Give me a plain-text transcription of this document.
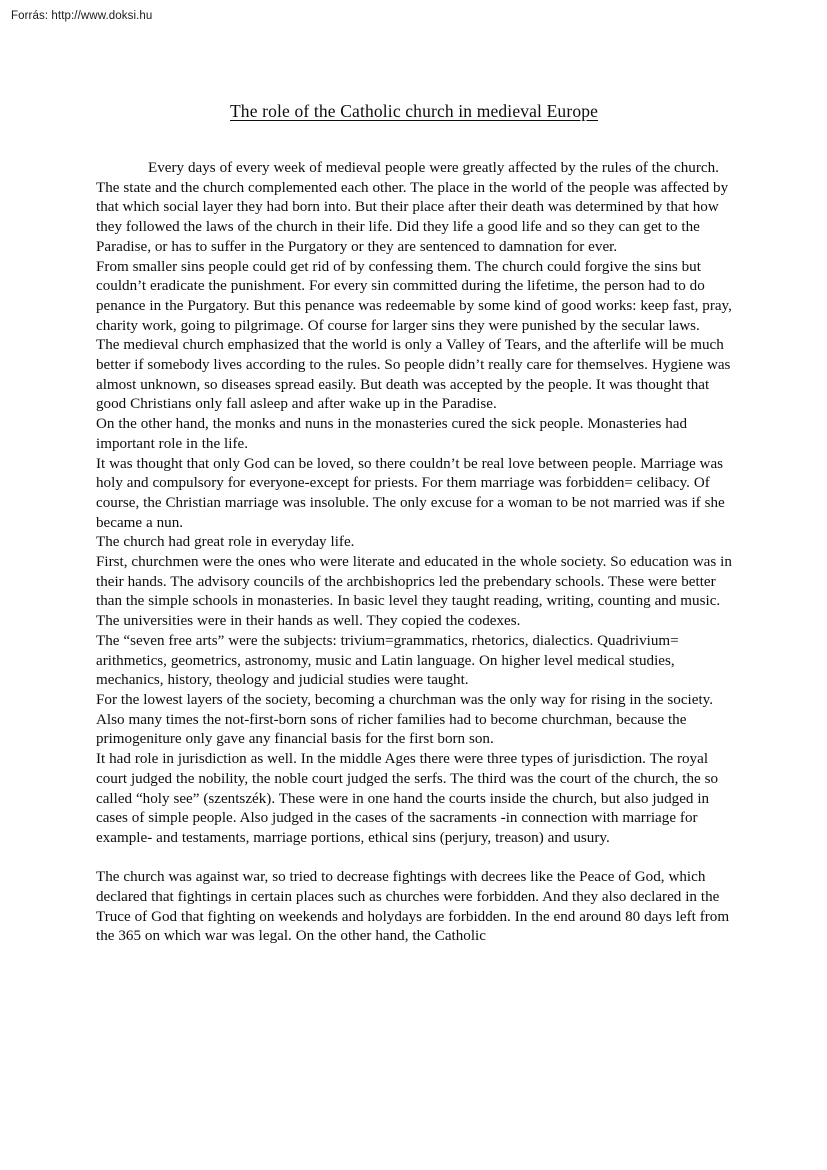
Forrás: http://www.doksi.hu
The role of the Catholic church in medieval Europe

Every days of every week of medieval people were greatly affected by the rules of the church. The state and the church complemented each other. The place in the world of the people was affected by that which social layer they had born into. But their place after their death was determined by that how they followed the laws of the church in their life. Did they life a good life and so they can get to the Paradise, or has to suffer in the Purgatory or they are sentenced to damnation for ever.

From smaller sins people could get rid of by confessing them. The church could forgive the sins but couldn’t eradicate the punishment. For every sin committed during the lifetime, the person had to do penance in the Purgatory. But this penance was redeemable by some kind of good works: keep fast, pray, charity work, going to pilgrimage. Of course for larger sins they were punished by the secular laws.

The medieval church emphasized that the world is only a Valley of Tears, and the afterlife will be much better if somebody lives according to the rules. So people didn’t really care for themselves. Hygiene was almost unknown, so diseases spread easily. But death was accepted by the people. It was thought that good Christians only fall asleep and after wake up in the Paradise.

On the other hand, the monks and nuns in the monasteries cured the sick people. Monasteries had important role in the life.

It was thought that only God can be loved, so there couldn’t be real love between people. Marriage was holy and compulsory for everyone-except for priests. For them marriage was forbidden= celibacy. Of course, the Christian marriage was insoluble. The only excuse for a woman to be not married was if she became a nun.

The church had great role in everyday life.

First, churchmen were the ones who were literate and educated in the whole society. So education was in their hands. The advisory councils of the archbishoprics led the prebendary schools. These were better than the simple schools in monasteries. In basic level they taught reading, writing, counting and music. The universities were in their hands as well. They copied the codexes.

The “seven free arts” were the subjects: trivium=grammatics, rhetorics, dialectics. Quadrivium= arithmetics, geometrics, astronomy, music and Latin language. On higher level medical studies, mechanics, history, theology and judicial studies were taught.

For the lowest layers of the society, becoming a churchman was the only way for rising in the society. Also many times the not-first-born sons of richer families had to become churchman, because the primogeniture only gave any financial basis for the first born son.

It had role in jurisdiction as well. In the middle Ages there were three types of jurisdiction. The royal court judged the nobility, the noble court judged the serfs. The third was the court of the church, the so called “holy see” (szentszék). These were in one hand the courts inside the church, but also judged in cases of simple people. Also judged in the cases of the sacraments -in connection with marriage for example- and testaments, marriage portions, ethical sins (perjury, treason) and usury.

The church was against war, so tried to decrease fightings with decrees like the Peace of God, which declared that fightings in certain places such as churches were forbidden. And they also declared in the Truce of God that fighting on weekends and holydays are forbidden. In the end around 80 days left from the 365 on which war was legal. On the other hand, the Catholic
